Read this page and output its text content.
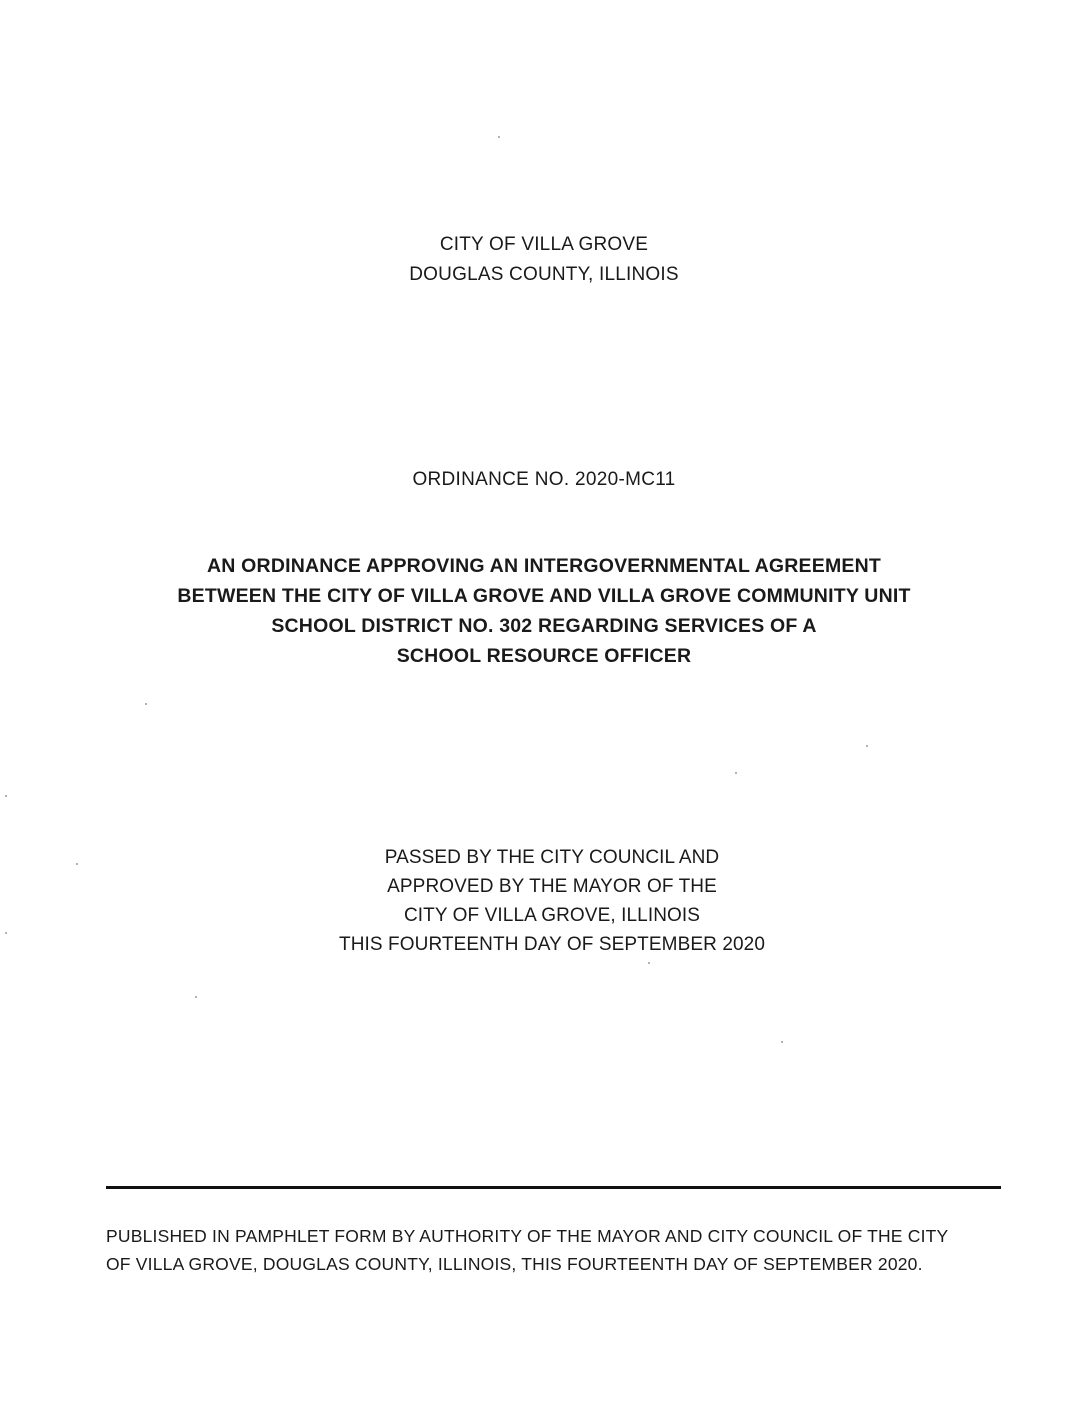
CITY OF VILLA GROVE
DOUGLAS COUNTY, ILLINOIS
ORDINANCE NO. 2020-MC11
AN ORDINANCE APPROVING AN INTERGOVERNMENTAL AGREEMENT
BETWEEN THE CITY OF VILLA GROVE AND VILLA GROVE COMMUNITY UNIT
SCHOOL DISTRICT NO. 302 REGARDING SERVICES OF A
SCHOOL RESOURCE OFFICER
PASSED BY THE CITY COUNCIL AND
APPROVED BY THE MAYOR OF THE
CITY OF VILLA GROVE, ILLINOIS
THIS FOURTEENTH DAY OF SEPTEMBER 2020
PUBLISHED IN PAMPHLET FORM BY AUTHORITY OF THE MAYOR AND CITY COUNCIL OF THE CITY
OF VILLA GROVE, DOUGLAS COUNTY, ILLINOIS, THIS FOURTEENTH DAY OF SEPTEMBER 2020.
